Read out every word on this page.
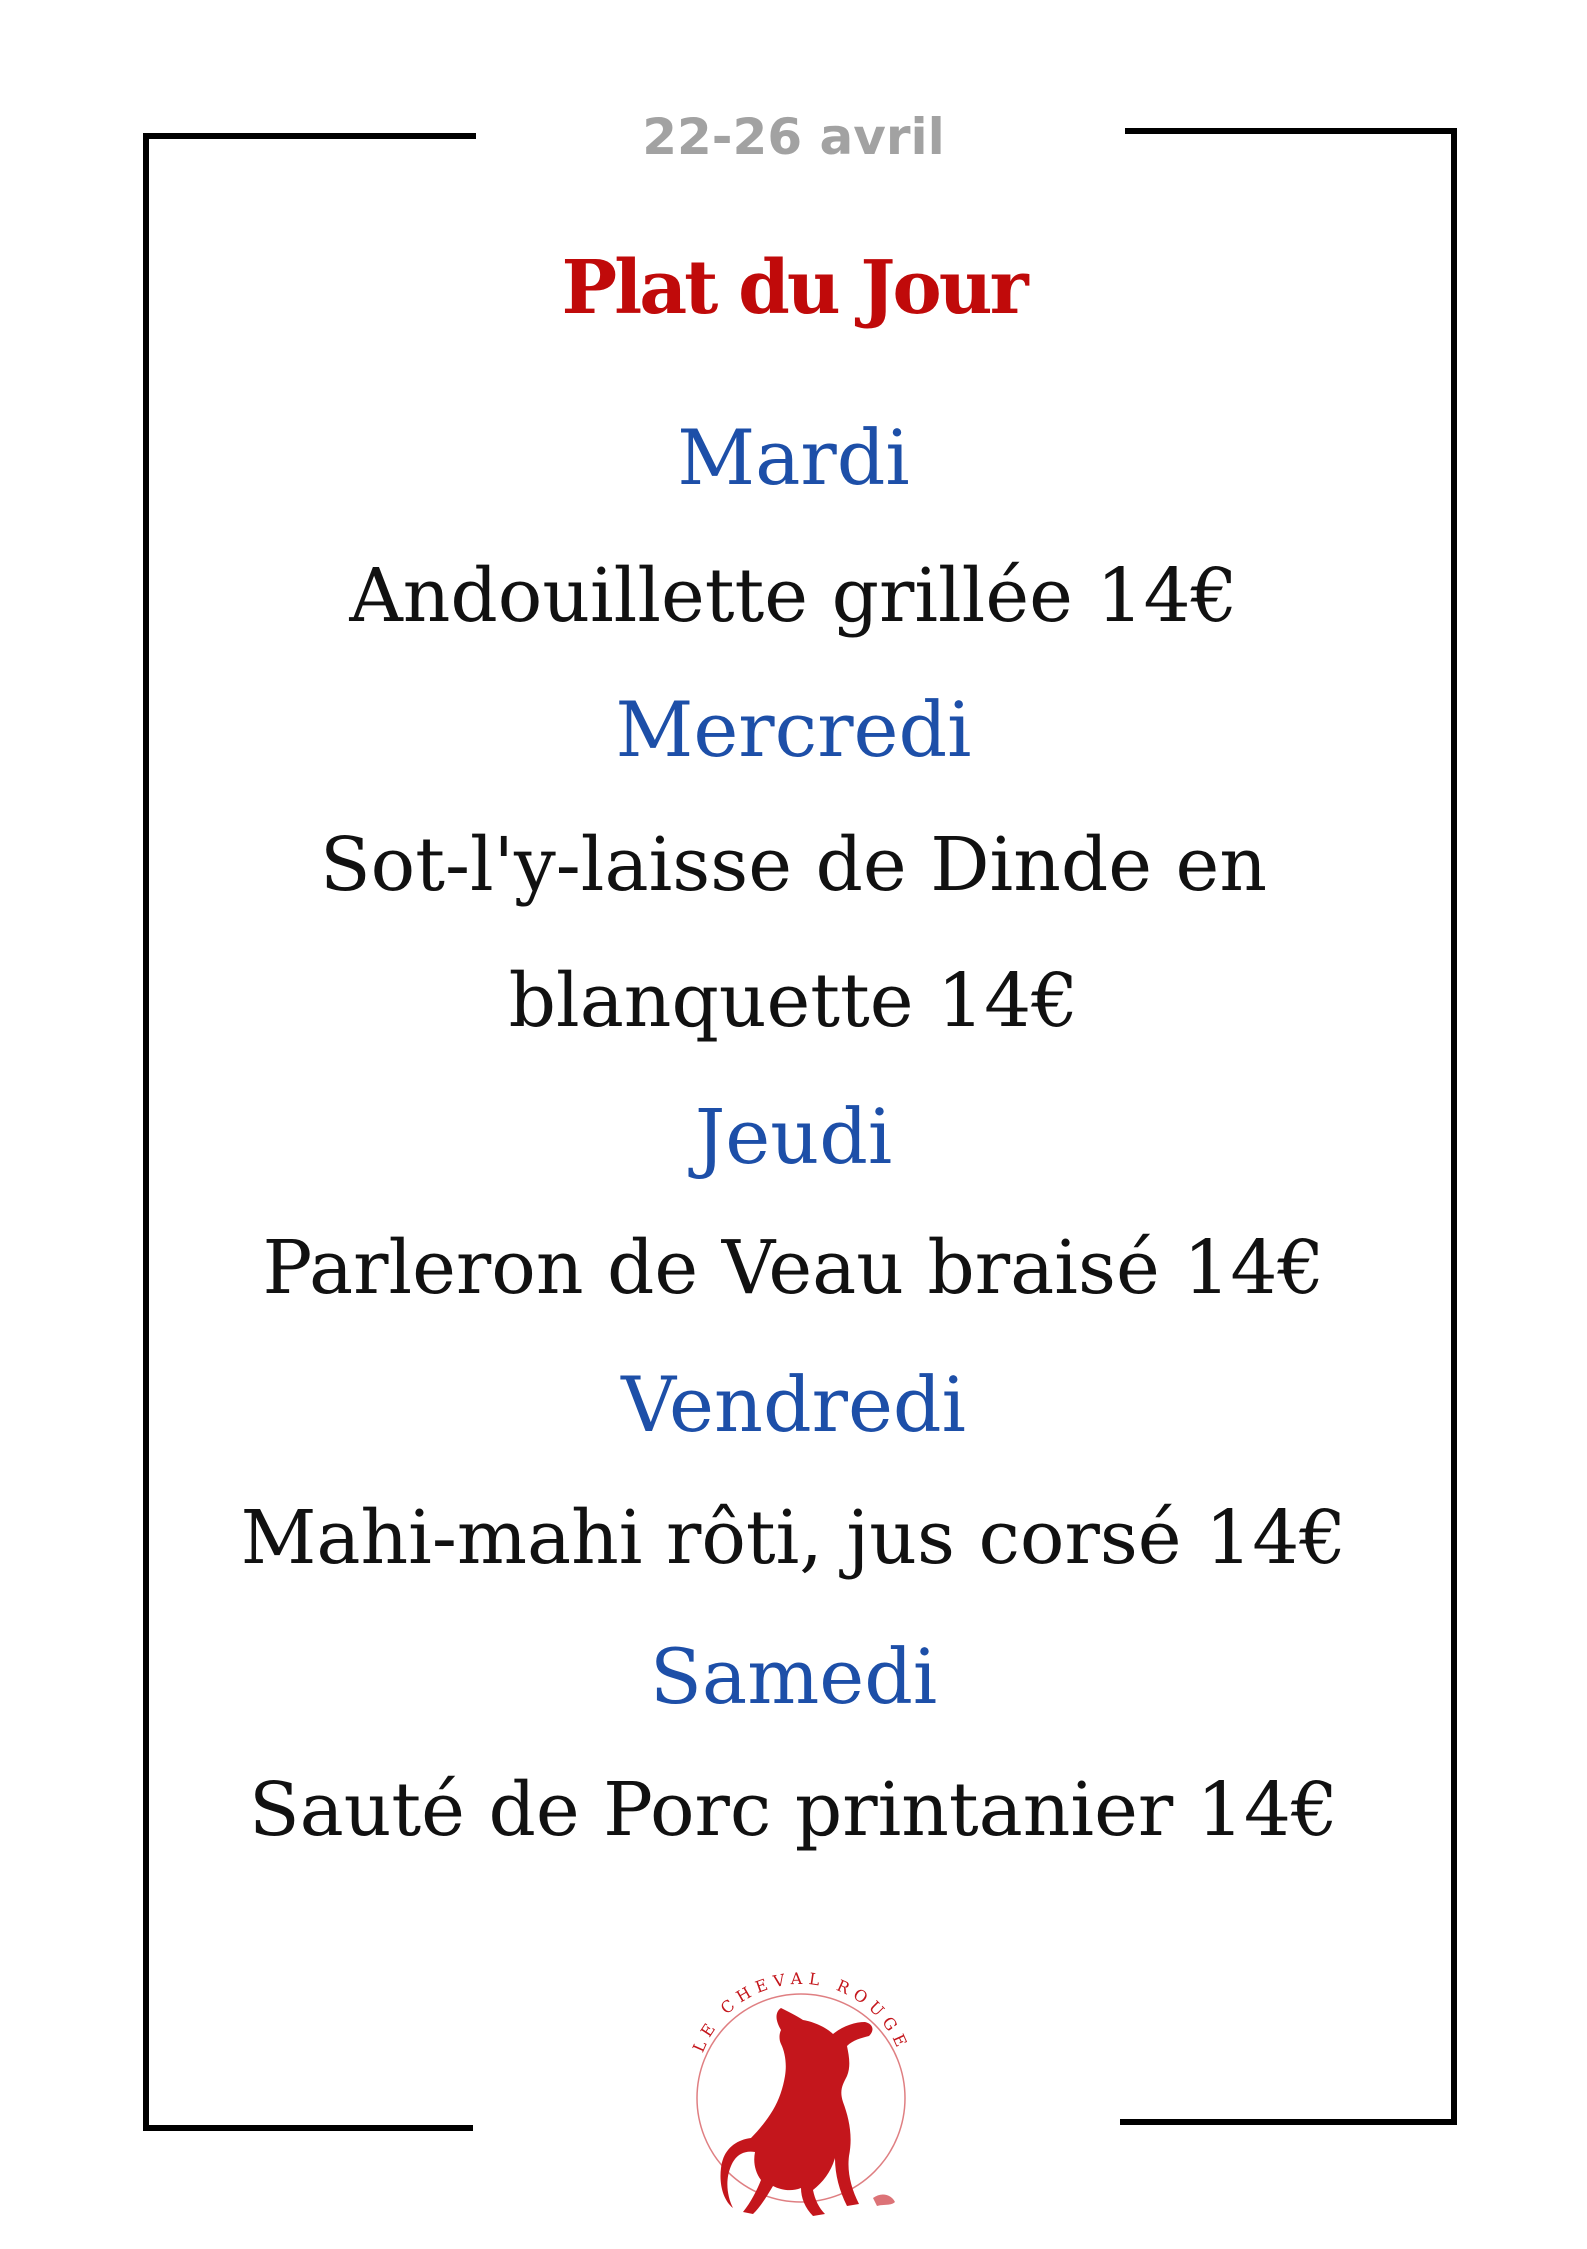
22-26 avril
Plat du Jour
Mardi
Andouillette grillée 14€
Mercredi
Sot-l'y-laisse de Dinde en
blanquette 14€
Jeudi
Parleron de Veau braisé 14€
Vendredi
Mahi-mahi rôti, jus corsé 14€
Samedi
Sauté de Porc printanier 14€
LE CHEVAL ROUGE
